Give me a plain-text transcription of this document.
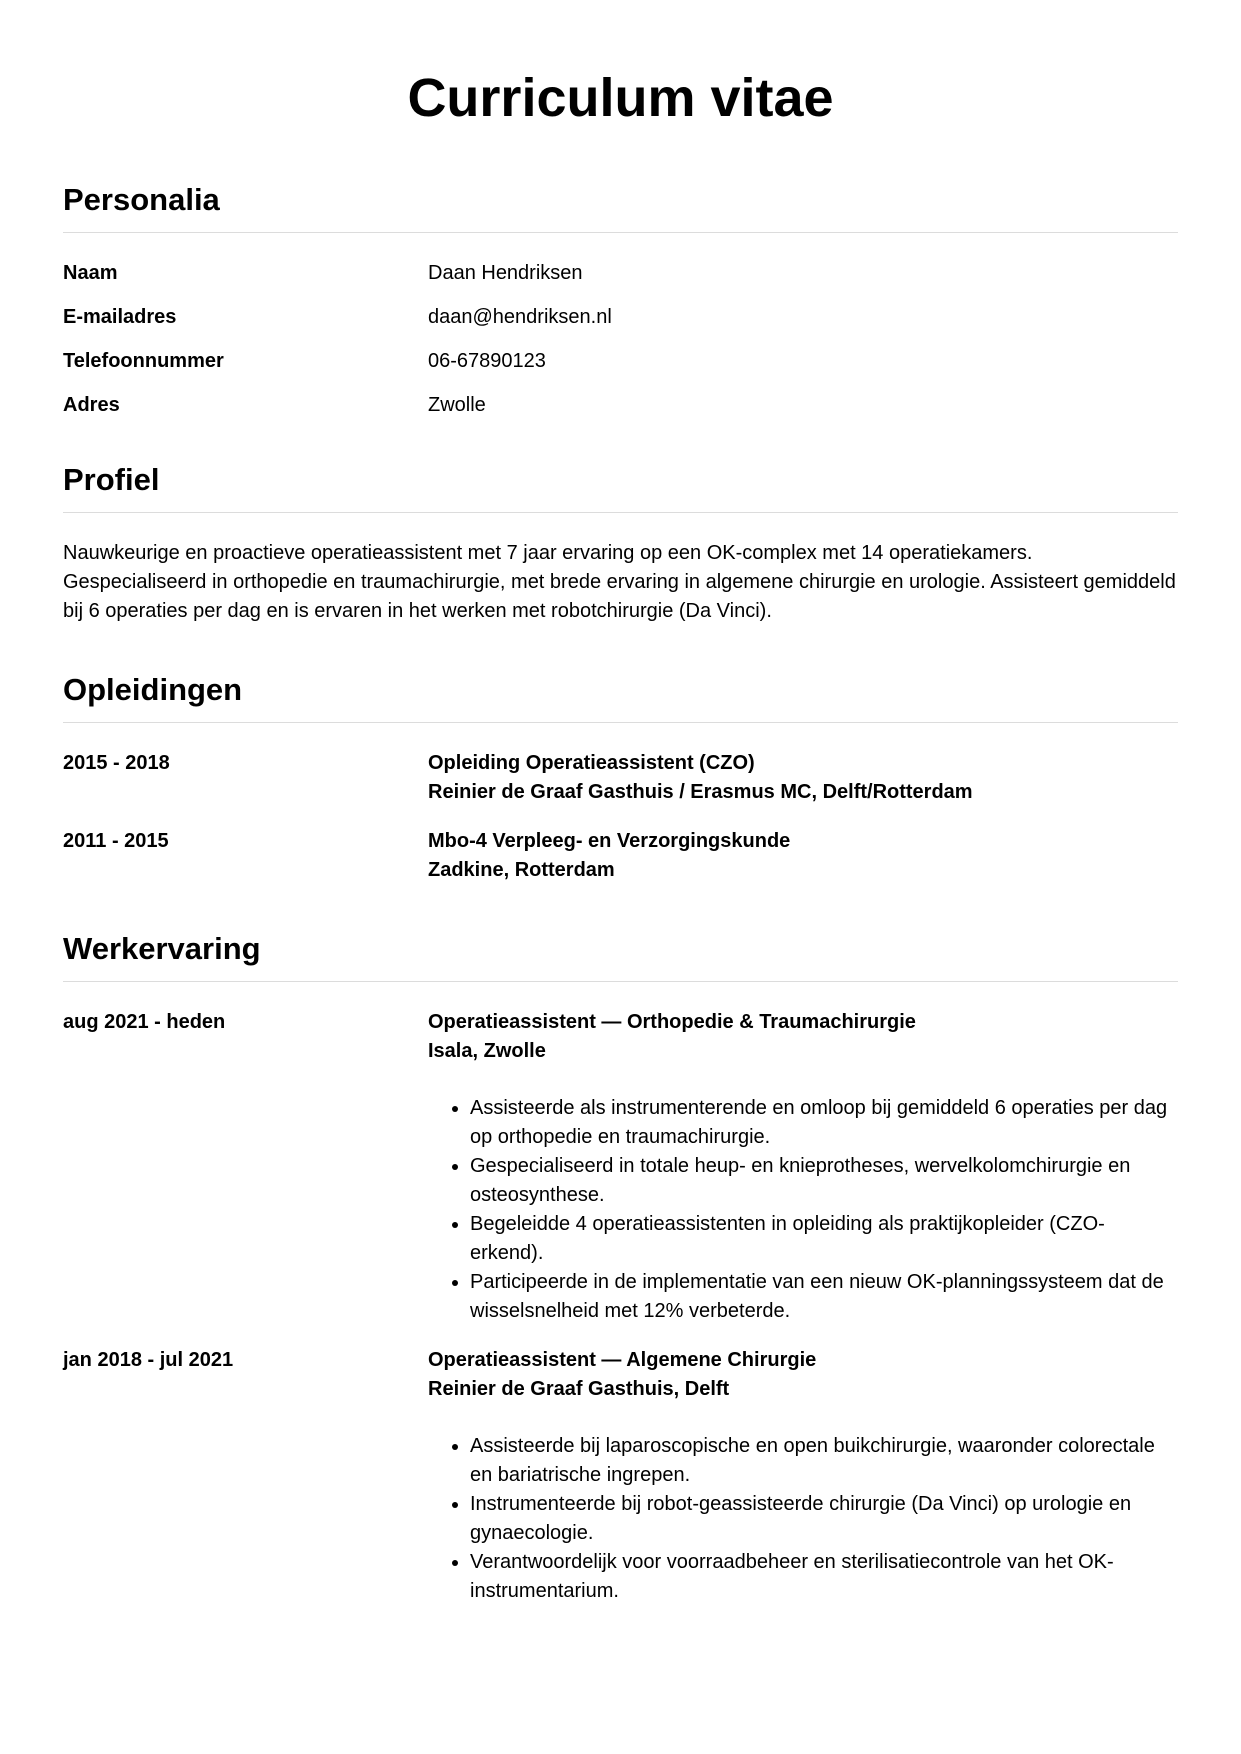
Curriculum vitae
Personalia
Naam	Daan Hendriksen
E-mailadres	daan@hendriksen.nl
Telefoonnummer	06-67890123
Adres	Zwolle
Profiel

Nauwkeurige en proactieve operatieassistent met 7 jaar ervaring op een OK-complex met 14 operatiekamers. Gespecialiseerd in orthopedie en traumachirurgie, met brede ervaring in algemene chirurgie en urologie. Assisteert gemiddeld bij 6 operaties per dag en is ervaren in het werken met robotchirurgie (Da Vinci).

Opleidingen
2015 - 2018	Opleiding Operatieassistent (CZO)
Reinier de Graaf Gasthuis / Erasmus MC, Delft/Rotterdam
2011 - 2015	Mbo-4 Verpleeg- en Verzorgingskunde
Zadkine, Rotterdam
Werkervaring
aug 2021 - heden	Operatieassistent — Orthopedie & Traumachirurgie
Isala, Zwolle
• Assisteerde als instrumenterende en omloop bij gemiddeld 6 operaties per dag op orthopedie en traumachirurgie.
• Gespecialiseerd in totale heup- en knieprotheses, wervelkolomchirurgie en osteosynthese.
• Begeleidde 4 operatieassistenten in opleiding als praktijkopleider (CZO-erkend).
• Participeerde in de implementatie van een nieuw OK-planningssysteem dat de wisselsnelheid met 12% verbeterde.
jan 2018 - jul 2021	Operatieassistent — Algemene Chirurgie
Reinier de Graaf Gasthuis, Delft
• Assisteerde bij laparoscopische en open buikchirurgie, waaronder colorectale en bariatrische ingrepen.
• Instrumenteerde bij robot-geassisteerde chirurgie (Da Vinci) op urologie en gynaecologie.
• Verantwoordelijk voor voorraadbeheer en sterilisatiecontrole van het OK-instrumentarium.
